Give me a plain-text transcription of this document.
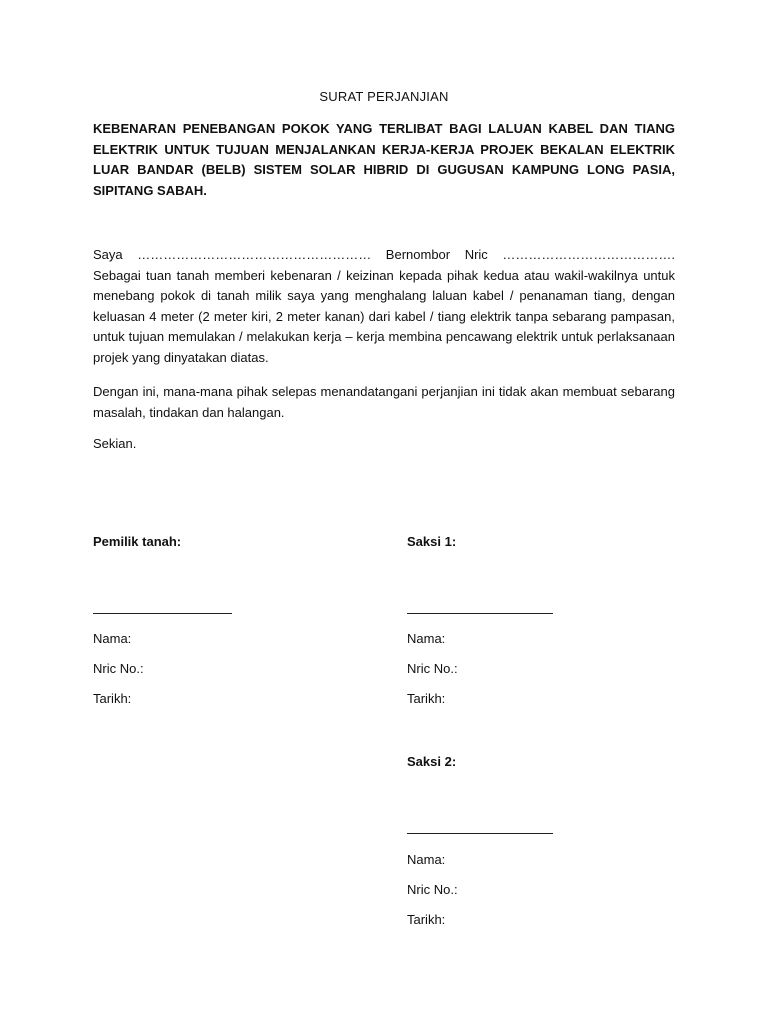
SURAT PERJANJIAN
KEBENARAN PENEBANGAN POKOK YANG TERLIBAT BAGI LALUAN KABEL DAN TIANG ELEKTRIK UNTUK TUJUAN MENJALANKAN KERJA-KERJA PROJEK BEKALAN ELEKTRIK LUAR BANDAR (BELB) SISTEM SOLAR HIBRID DI GUGUSAN KAMPUNG LONG PASIA, SIPITANG SABAH.
Saya ……………………………………………… Bernombor Nric …………………………………. Sebagai tuan tanah memberi kebenaran / keizinan kepada pihak kedua atau wakil-wakilnya untuk menebang pokok di tanah milik saya yang menghalang laluan kabel / penanaman tiang, dengan keluasan 4 meter (2 meter kiri, 2 meter kanan) dari kabel / tiang elektrik tanpa sebarang pampasan, untuk tujuan memulakan / melakukan kerja – kerja membina pencawang elektrik untuk perlaksanaan projek yang dinyatakan diatas.
Dengan ini, mana-mana pihak selepas menandatangani perjanjian ini tidak akan membuat sebarang masalah, tindakan dan halangan.
Sekian.
Pemilik tanah:
Nama:
Nric No.:
Tarikh:
Saksi 1:
Nama:
Nric No.:
Tarikh:
Saksi 2:
Nama:
Nric No.:
Tarikh:
